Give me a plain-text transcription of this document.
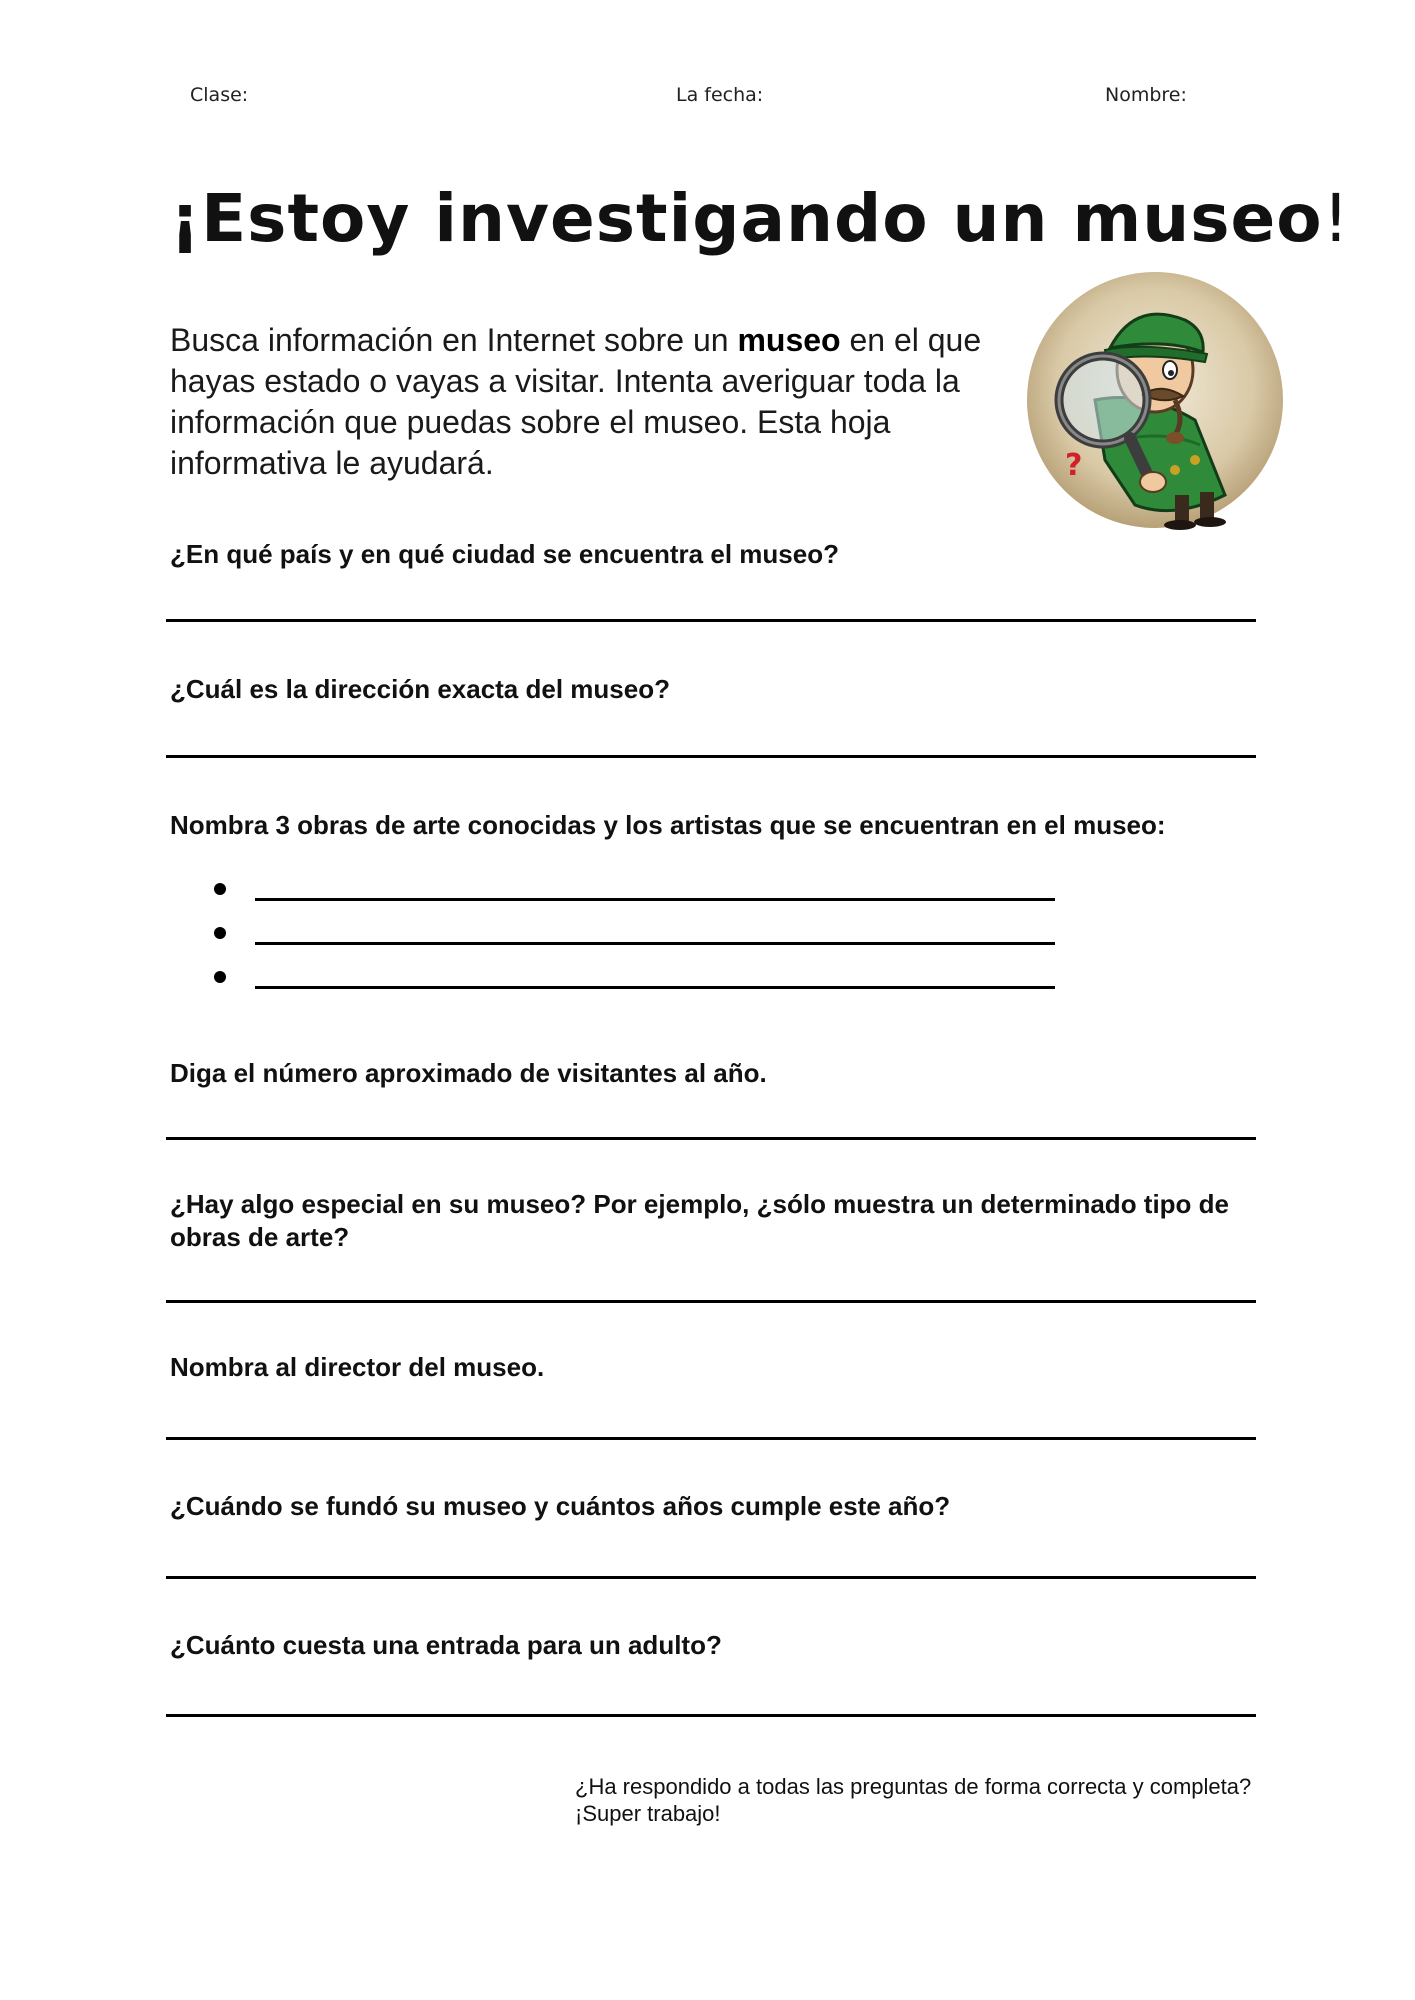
Clase:	La fecha:	Nombre:
¡Estoy investigando un museo!

Busca información en Internet sobre un museo en el que hayas estado o vayas a visitar. Intenta averiguar toda la información que puedas sobre el museo. Esta hoja informativa le ayudará.	?

¿En qué país y en qué ciudad se encuentra el museo?

¿Cuál es la dirección exacta del museo?

Nombra 3 obras de arte conocidas y los artistas que se encuentran en el museo:

Diga el número aproximado de visitantes al año.

¿Hay algo especial en su museo? Por ejemplo, ¿sólo muestra un determinado tipo de obras de arte?

Nombra al director del museo.

¿Cuándo se fundó su museo y cuántos años cumple este año?

¿Cuánto cuesta una entrada para un adulto?

¿Ha respondido a todas las preguntas de forma correcta y completa? ¡Super trabajo!
